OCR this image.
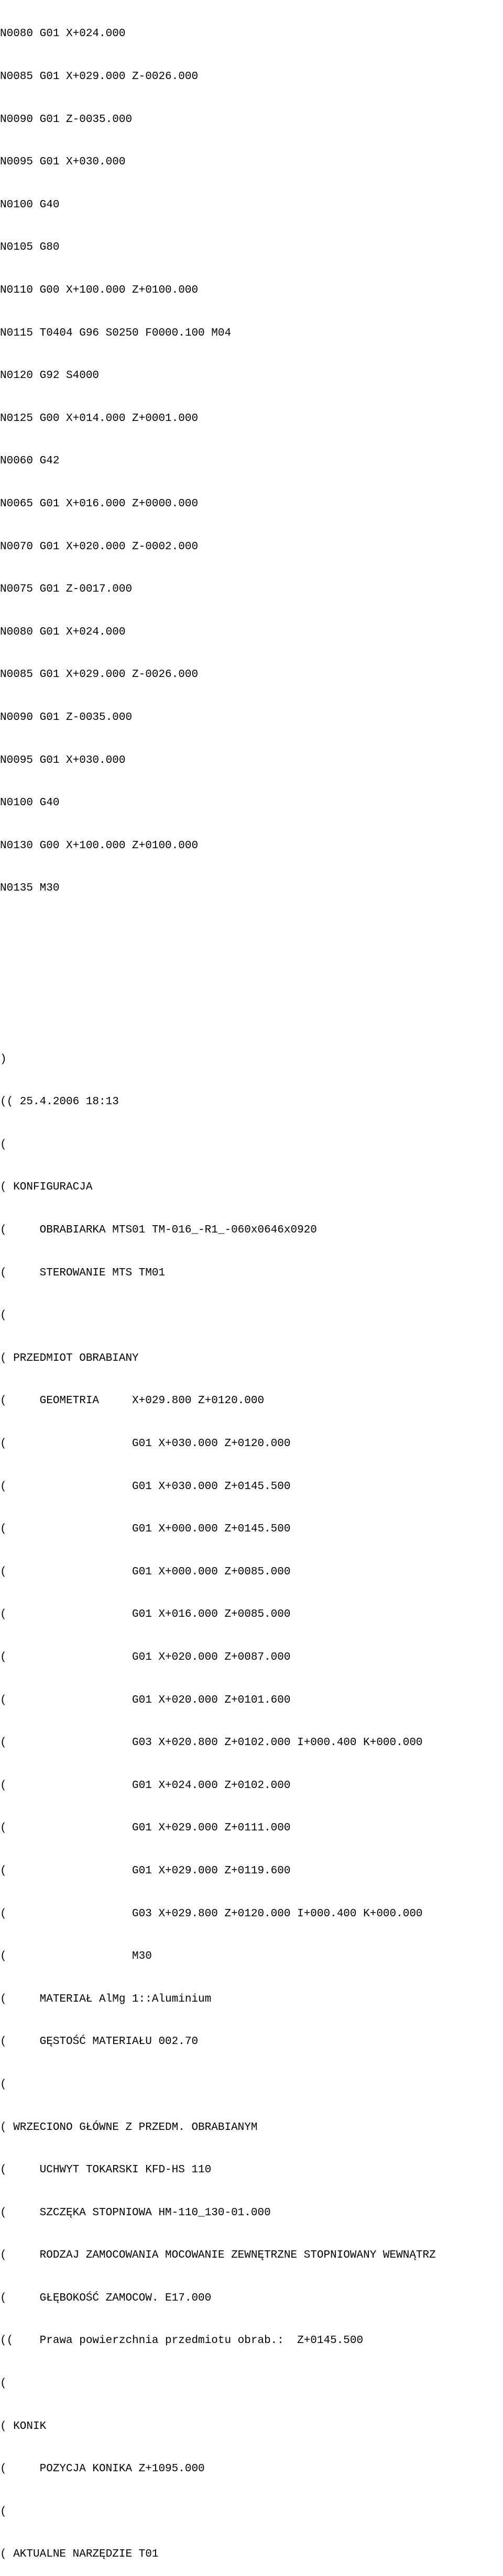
N0080 G01 X+024.000

N0085 G01 X+029.000 Z-0026.000

N0090 G01 Z-0035.000

N0095 G01 X+030.000

N0100 G40

N0105 G80

N0110 G00 X+100.000 Z+0100.000

N0115 T0404 G96 S0250 F0000.100 M04

N0120 G92 S4000

N0125 G00 X+014.000 Z+0001.000

N0060 G42

N0065 G01 X+016.000 Z+0000.000

N0070 G01 X+020.000 Z-0002.000

N0075 G01 Z-0017.000

N0080 G01 X+024.000

N0085 G01 X+029.000 Z-0026.000

N0090 G01 Z-0035.000

N0095 G01 X+030.000

N0100 G40

N0130 G00 X+100.000 Z+0100.000

N0135 M30

)

(( 25.4.2006 18:13

(

( KONFIGURACJA

(     OBRABIARKA MTS01 TM-016_-R1_-060x0646x0920

(     STEROWANIE MTS TM01

(

( PRZEDMIOT OBRABIANY

(     GEOMETRIA     X+029.800 Z+0120.000

(                   G01 X+030.000 Z+0120.000

(                   G01 X+030.000 Z+0145.500

(                   G01 X+000.000 Z+0145.500

(                   G01 X+000.000 Z+0085.000

(                   G01 X+016.000 Z+0085.000

(                   G01 X+020.000 Z+0087.000

(                   G01 X+020.000 Z+0101.600

(                   G03 X+020.800 Z+0102.000 I+000.400 K+000.000

(                   G01 X+024.000 Z+0102.000

(                   G01 X+029.000 Z+0111.000

(                   G01 X+029.000 Z+0119.600

(                   G03 X+029.800 Z+0120.000 I+000.400 K+000.000

(                   M30

(     MATERIAŁ AlMg 1::Aluminium

(     GĘSTOŚĆ MATERIAŁU 002.70

(

( WRZECIONO GŁÓWNE Z PRZEDM. OBRABIANYM

(     UCHWYT TOKARSKI KFD-HS 110

(     SZCZĘKA STOPNIOWA HM-110_130-01.000

(     RODZAJ ZAMOCOWANIA MOCOWANIE ZEWNĘTRZNE STOPNIOWANY WEWNĄTRZ

(     GŁĘBOKOŚĆ ZAMOCOW. E17.000

((    Prawa powierzchnia przedmiotu obrab.:  Z+0145.500

(

( KONIK

(     POZYCJA KONIKA Z+1095.000

(

( AKTUALNE NARZĘDZIE T01
